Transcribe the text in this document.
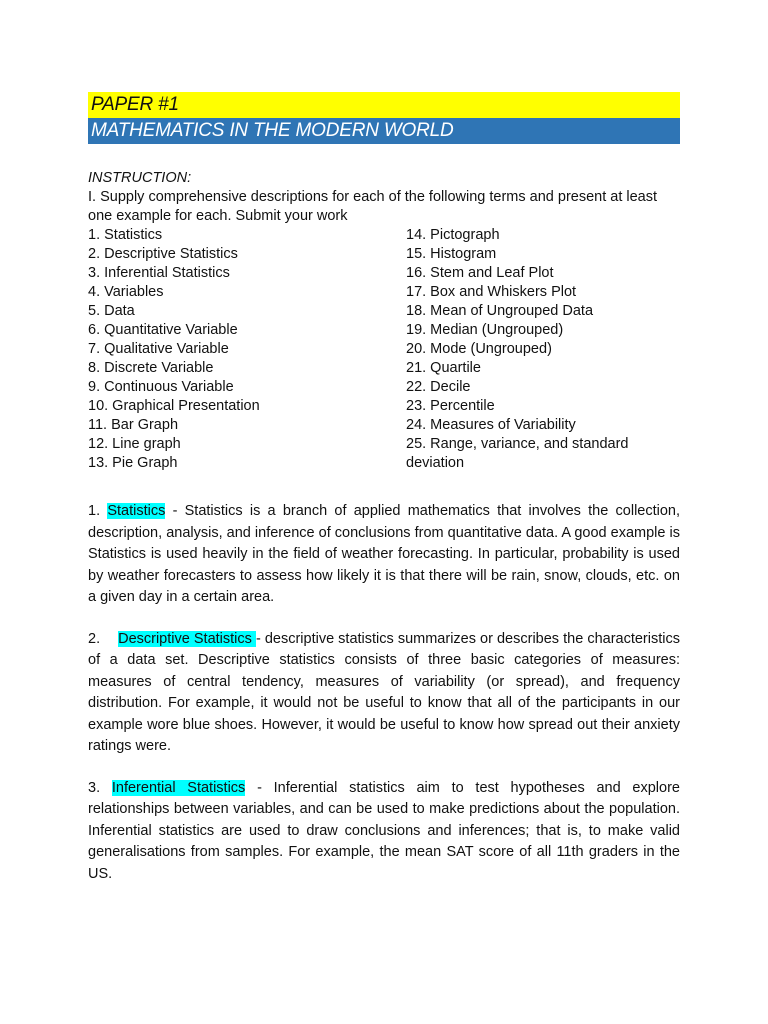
PAPER #1
MATHEMATICS IN THE MODERN WORLD
INSTRUCTION:
I. Supply comprehensive descriptions for each of the following terms and present at least one example for each. Submit your work
1. Statistics
2. Descriptive Statistics
3. Inferential Statistics
4. Variables
5. Data
6. Quantitative Variable
7. Qualitative Variable
8. Discrete Variable
9. Continuous Variable
10. Graphical Presentation
11. Bar Graph
12. Line graph
13. Pie Graph
14. Pictograph
15. Histogram
16. Stem and Leaf Plot
17. Box and Whiskers Plot
18. Mean of Ungrouped Data
19. Median (Ungrouped)
20. Mode (Ungrouped)
21. Quartile
22. Decile
23. Percentile
24. Measures of Variability
25. Range, variance, and standard deviation

1. Statistics - Statistics is a branch of applied mathematics that involves the collection, description, analysis, and inference of conclusions from quantitative data. A good example is Statistics is used heavily in the field of weather forecasting. In particular, probability is used by weather forecasters to assess how likely it is that there will be rain, snow, clouds, etc. on a given day in a certain area.

2. Descriptive Statistics - descriptive statistics summarizes or describes the characteristics of a data set. Descriptive statistics consists of three basic categories of measures: measures of central tendency, measures of variability (or spread), and frequency distribution. For example, it would not be useful to know that all of the participants in our example wore blue shoes. However, it would be useful to know how spread out their anxiety ratings were.

3. Inferential Statistics - Inferential statistics aim to test hypotheses and explore relationships between variables, and can be used to make predictions about the population. Inferential statistics are used to draw conclusions and inferences; that is, to make valid generalisations from samples. For example, the mean SAT score of all 11th graders in the US.
